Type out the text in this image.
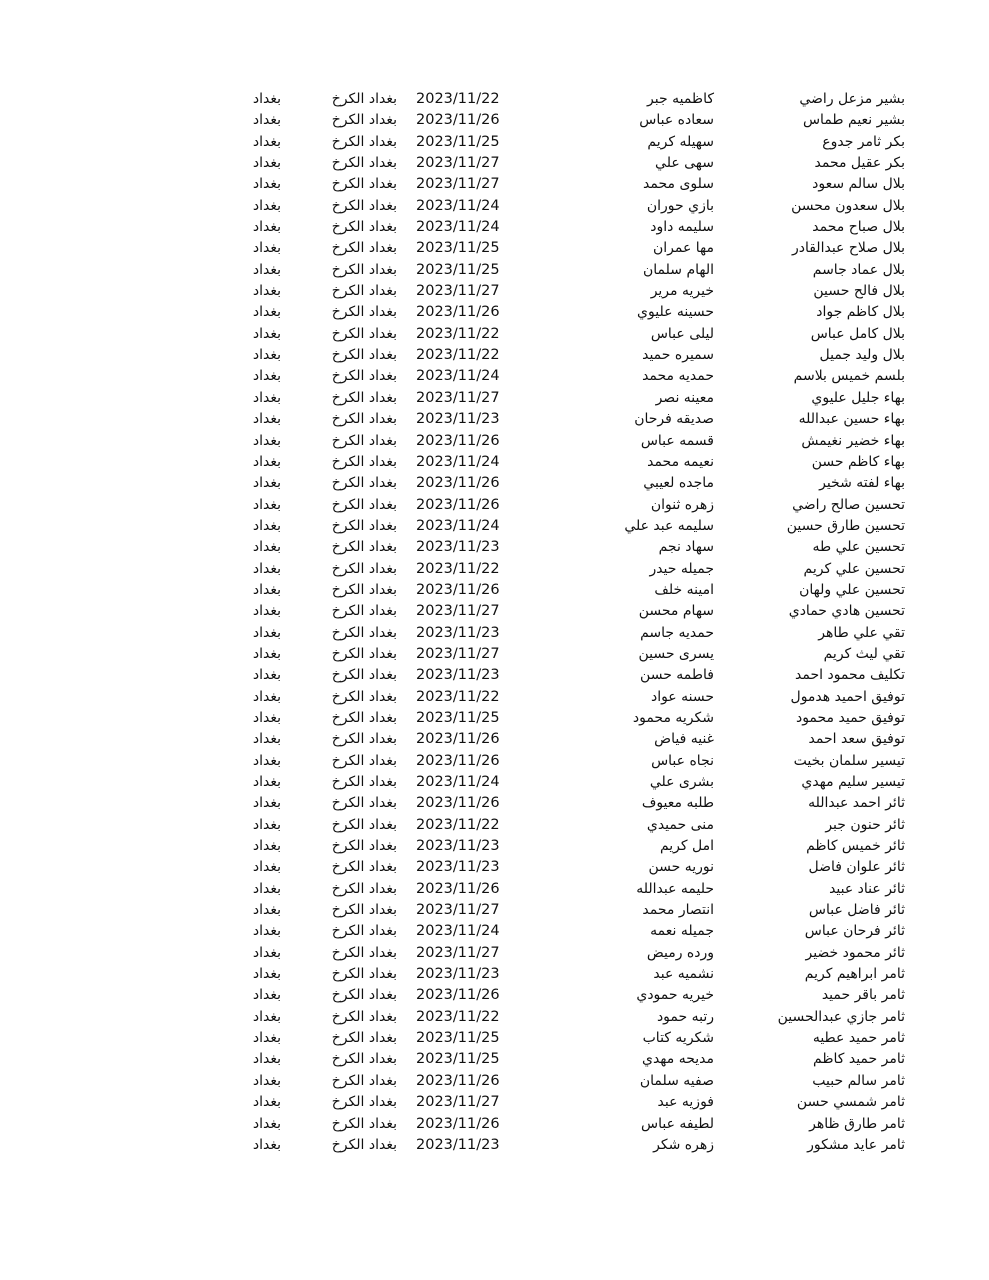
بشير مزعل راضي
كاظميه جبر
2023/11/22
بغداد الكرخ
بغداد
بشير نعيم طماس
سعاده عباس
2023/11/26
بغداد الكرخ
بغداد
بكر ثامر جدوع
سهيله كريم
2023/11/25
بغداد الكرخ
بغداد
بكر عقيل محمد
سهى علي
2023/11/27
بغداد الكرخ
بغداد
بلال سالم سعود
سلوى محمد
2023/11/27
بغداد الكرخ
بغداد
بلال سعدون محسن
بازي حوران
2023/11/24
بغداد الكرخ
بغداد
بلال صباح محمد
سليمه داود
2023/11/24
بغداد الكرخ
بغداد
بلال صلاح عبدالقادر
مها عمران
2023/11/25
بغداد الكرخ
بغداد
بلال عماد جاسم
الهام سلمان
2023/11/25
بغداد الكرخ
بغداد
بلال فالح حسين
خيريه مرير
2023/11/27
بغداد الكرخ
بغداد
بلال كاظم جواد
حسينه عليوي
2023/11/26
بغداد الكرخ
بغداد
بلال كامل عباس
ليلى عباس
2023/11/22
بغداد الكرخ
بغداد
بلال وليد جميل
سميره حميد
2023/11/22
بغداد الكرخ
بغداد
بلسم خميس بلاسم
حمديه محمد
2023/11/24
بغداد الكرخ
بغداد
بهاء جليل عليوي
معينه نصر
2023/11/27
بغداد الكرخ
بغداد
بهاء حسين عبدالله
صديقه فرحان
2023/11/23
بغداد الكرخ
بغداد
بهاء خضير نغيمش
قسمه عباس
2023/11/26
بغداد الكرخ
بغداد
بهاء كاظم حسن
نعيمه محمد
2023/11/24
بغداد الكرخ
بغداد
بهاء لفته شخير
ماجده لعيبي
2023/11/26
بغداد الكرخ
بغداد
تحسين صالح راضي
زهره ثنوان
2023/11/26
بغداد الكرخ
بغداد
تحسين طارق حسين
سليمه عبد علي
2023/11/24
بغداد الكرخ
بغداد
تحسين علي طه
سهاد نجم
2023/11/23
بغداد الكرخ
بغداد
تحسين علي كريم
جميله حيدر
2023/11/22
بغداد الكرخ
بغداد
تحسين علي ولهان
امينه خلف
2023/11/26
بغداد الكرخ
بغداد
تحسين هادي حمادي
سهام محسن
2023/11/27
بغداد الكرخ
بغداد
تقي علي طاهر
حمديه جاسم
2023/11/23
بغداد الكرخ
بغداد
تقي ليث كريم
يسرى حسين
2023/11/27
بغداد الكرخ
بغداد
تكليف محمود احمد
فاطمه حسن
2023/11/23
بغداد الكرخ
بغداد
توفيق احميد هدمول
حسنه عواد
2023/11/22
بغداد الكرخ
بغداد
توفيق حميد محمود
شكريه محمود
2023/11/25
بغداد الكرخ
بغداد
توفيق سعد احمد
غنيه فياض
2023/11/26
بغداد الكرخ
بغداد
تيسير سلمان بخيت
نجاه عباس
2023/11/26
بغداد الكرخ
بغداد
تيسير سليم مهدي
بشرى علي
2023/11/24
بغداد الكرخ
بغداد
ثائر احمد عبدالله
طلبه معيوف
2023/11/26
بغداد الكرخ
بغداد
ثائر حنون جبر
منى حميدي
2023/11/22
بغداد الكرخ
بغداد
ثائر خميس كاظم
امل كريم
2023/11/23
بغداد الكرخ
بغداد
ثائر علوان فاضل
نوريه حسن
2023/11/23
بغداد الكرخ
بغداد
ثائر عناد عبيد
حليمه عبدالله
2023/11/26
بغداد الكرخ
بغداد
ثائر فاضل عباس
انتصار محمد
2023/11/27
بغداد الكرخ
بغداد
ثائر فرحان عباس
جميله نعمه
2023/11/24
بغداد الكرخ
بغداد
ثائر محمود خضير
ورده رميض
2023/11/27
بغداد الكرخ
بغداد
ثامر ابراهيم كريم
نشميه عبد
2023/11/23
بغداد الكرخ
بغداد
ثامر باقر حميد
خيريه حمودي
2023/11/26
بغداد الكرخ
بغداد
ثامر جازي عبدالحسين
رتبه حمود
2023/11/22
بغداد الكرخ
بغداد
ثامر حميد عطيه
شكريه كتاب
2023/11/25
بغداد الكرخ
بغداد
ثامر حميد كاظم
مديحه مهدي
2023/11/25
بغداد الكرخ
بغداد
ثامر سالم حبيب
صفيه سلمان
2023/11/26
بغداد الكرخ
بغداد
ثامر شمسي حسن
فوزيه عبد
2023/11/27
بغداد الكرخ
بغداد
ثامر طارق ظاهر
لطيفه عباس
2023/11/26
بغداد الكرخ
بغداد
ثامر عايد مشكور
زهره شكر
2023/11/23
بغداد الكرخ
بغداد
